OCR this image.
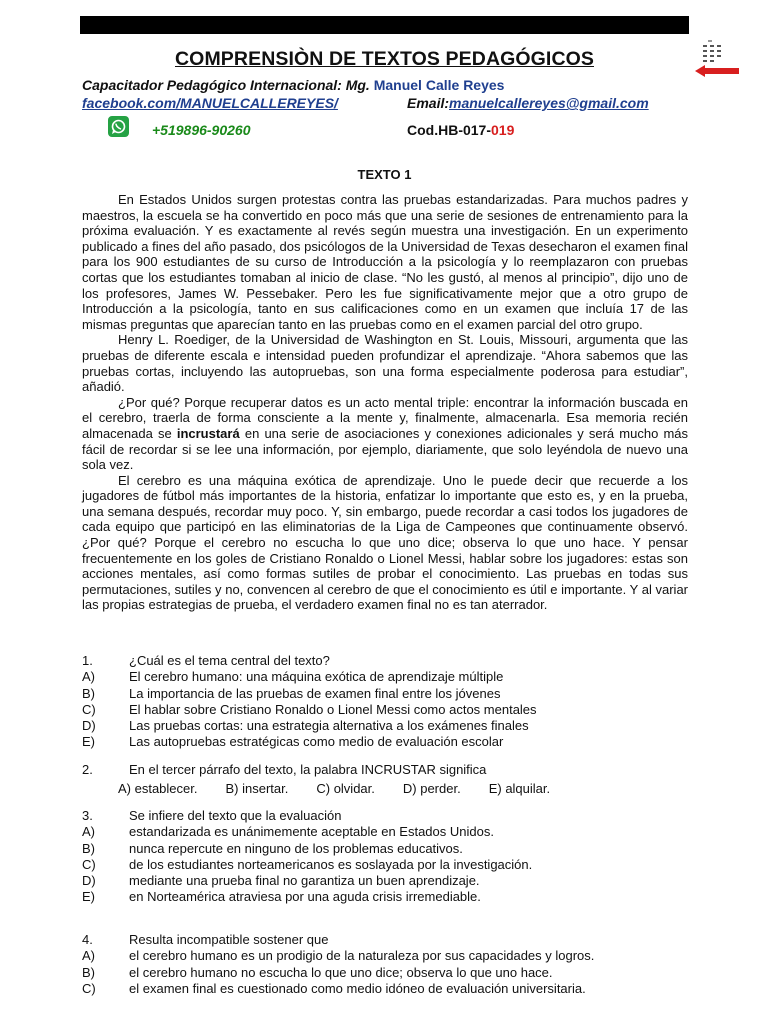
COMPRENSIÒN DE TEXTOS PEDAGÓGICOS
Capacitador Pedagógico Internacional: Mg. Manuel Calle Reyes
facebook.com/MANUELCALLEREYES/	Email:manuelcallereyes@gmail.com
+519896-90260	Cod.HB-017-019
TEXTO 1

En Estados Unidos surgen protestas contra las pruebas estandarizadas. Para muchos padres y maestros, la escuela se ha convertido en poco más que una serie de sesiones de entrenamiento para la próxima evaluación. Y es exactamente al revés según muestra una investigación. En un experimento publicado a fines del año pasado, dos psicólogos de la Universidad de Texas desecharon el examen final para los 900 estudiantes de su curso de Introducción a la psicología y lo reemplazaron con pruebas cortas que los estudiantes tomaban al inicio de clase. “No les gustó, al menos al principio”, dijo uno de los profesores, James W. Pessebaker. Pero les fue significativamente mejor que a otro grupo de Introducción a la psicología, tanto en sus calificaciones como en un examen que incluía 17 de las mismas preguntas que aparecían tanto en las pruebas como en el examen parcial del otro grupo.

Henry L. Roediger, de la Universidad de Washington en St. Louis, Missouri, argumenta que las pruebas de diferente escala e intensidad pueden profundizar el aprendizaje. “Ahora sabemos que las pruebas cortas, incluyendo las autopruebas, son una forma especialmente poderosa para estudiar”, añadió.

¿Por qué? Porque recuperar datos es un acto mental triple: encontrar la información buscada en el cerebro, traerla de forma consciente a la mente y, finalmente, almacenarla. Esa memoria recién almacenada se incrustará en una serie de asociaciones y conexiones adicionales y será mucho más fácil de recordar si se lee una información, por ejemplo, diariamente, que solo leyéndola de nuevo una sola vez.

El cerebro es una máquina exótica de aprendizaje. Uno le puede decir que recuerde a los jugadores de fútbol más importantes de la historia, enfatizar lo importante que esto es, y en la prueba, una semana después, recordar muy poco. Y, sin embargo, puede recordar a casi todos los jugadores de cada equipo que participó en las eliminatorias de la Liga de Campeones que continuamente observó. ¿Por qué? Porque el cerebro no escucha lo que uno dice; observa lo que uno hace. Y pensar frecuentemente en los goles de Cristiano Ronaldo o Lionel Messi, hablar sobre los jugadores: estas son acciones mentales, así como formas sutiles de probar el conocimiento. Las pruebas en todas sus permutaciones, sutiles y no, convencen al cerebro de que el conocimiento es útil e importante. Y al variar las propias estrategias de prueba, el verdadero examen final no es tan aterrador.

1.	¿Cuál es el tema central del texto?
A)	El cerebro humano: una máquina exótica de aprendizaje múltiple
B)	La importancia de las pruebas de examen final entre los jóvenes
C)	El hablar sobre Cristiano Ronaldo o Lionel Messi como actos mentales
D)	Las pruebas cortas: una estrategia alternativa a los exámenes finales
E)	Las autopruebas estratégicas como medio de evaluación escolar
2.	En el tercer párrafo del texto, la palabra INCRUSTAR significa
A) establecer. B) insertar. C) olvidar. D) perder. E) alquilar.
3.	Se infiere del texto que la evaluación
A)	estandarizada es unánimemente aceptable en Estados Unidos.
B)	nunca repercute en ninguno de los problemas educativos.
C)	de los estudiantes norteamericanos es soslayada por la investigación.
D)	mediante una prueba final no garantiza un buen aprendizaje.
E)	en Norteamérica atraviesa por una aguda crisis irremediable.
4.	Resulta incompatible sostener que
A)	el cerebro humano es un prodigio de la naturaleza por sus capacidades y logros.
B)	el cerebro humano no escucha lo que uno dice; observa lo que uno hace.
C)	el examen final es cuestionado como medio idóneo de evaluación universitaria.
